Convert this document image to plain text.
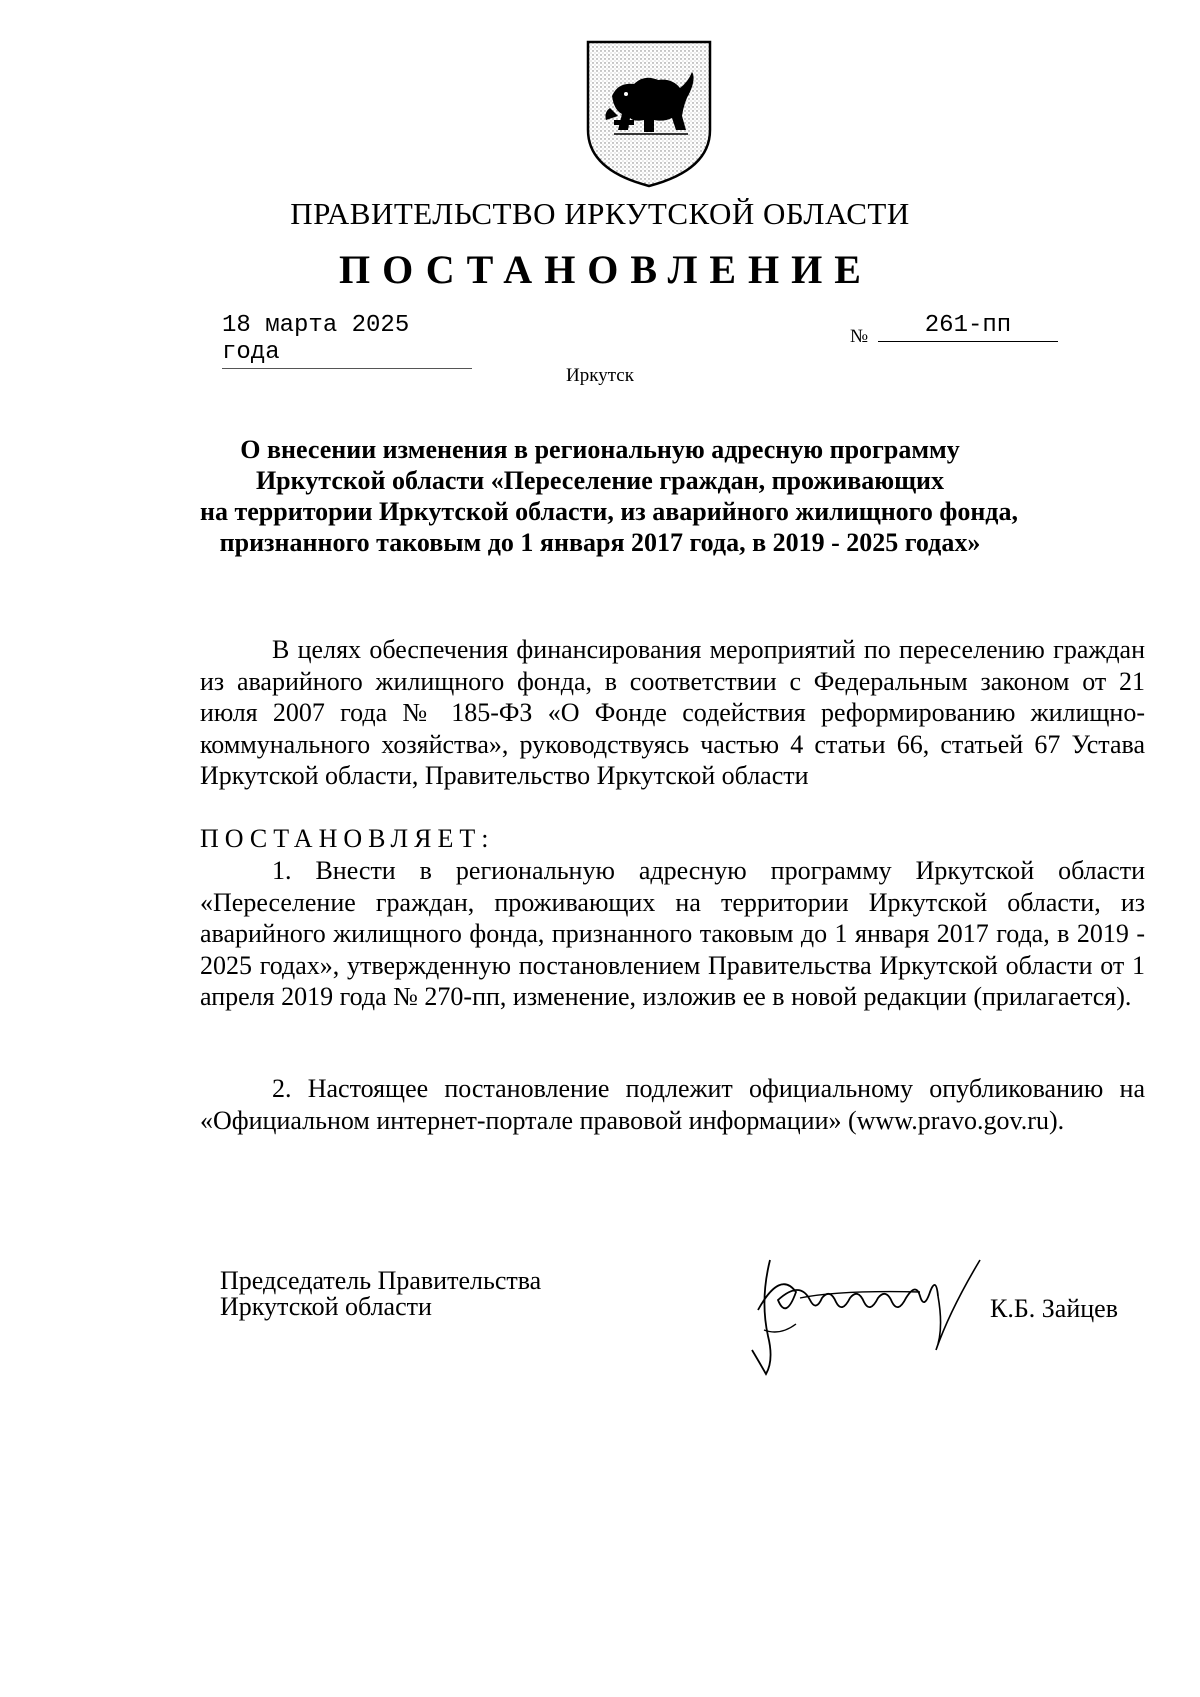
ПРАВИТЕЛЬСТВО ИРКУТСКОЙ ОБЛАСТИ
ПОСТАНОВЛЕНИЕ
18 марта 2025 года
№	261-пп
Иркутск
О внесении изменения в региональную адресную программу
Иркутской области «Переселение граждан, проживающих
на территории Иркутской области, из аварийного жилищного фонда,
признанного таковым до 1 января 2017 года, в 2019 - 2025 годах»
В целях обеспечения финансирования мероприятий по переселению граждан из аварийного жилищного фонда, в соответствии с Федеральным законом от 21 июля 2007 года № 185-ФЗ «О Фонде содействия реформированию жилищно-коммунального хозяйства», руководствуясь частью 4 статьи 66, статьей 67 Устава Иркутской области, Правительство Иркутской области
ПОСТАНОВЛЯЕТ:
1. Внести в региональную адресную программу Иркутской области «Переселение граждан, проживающих на территории Иркутской области, из аварийного жилищного фонда, признанного таковым до 1 января 2017 года, в 2019 - 2025 годах», утвержденную постановлением Правительства Иркутской области от 1 апреля 2019 года № 270-пп, изменение, изложив ее в новой редакции (прилагается).
2. Настоящее постановление подлежит официальному опубликованию на «Официальном интернет-портале правовой информации» (www.pravo.gov.ru).
Председатель Правительства
Иркутской области	К.Б. Зайцев
